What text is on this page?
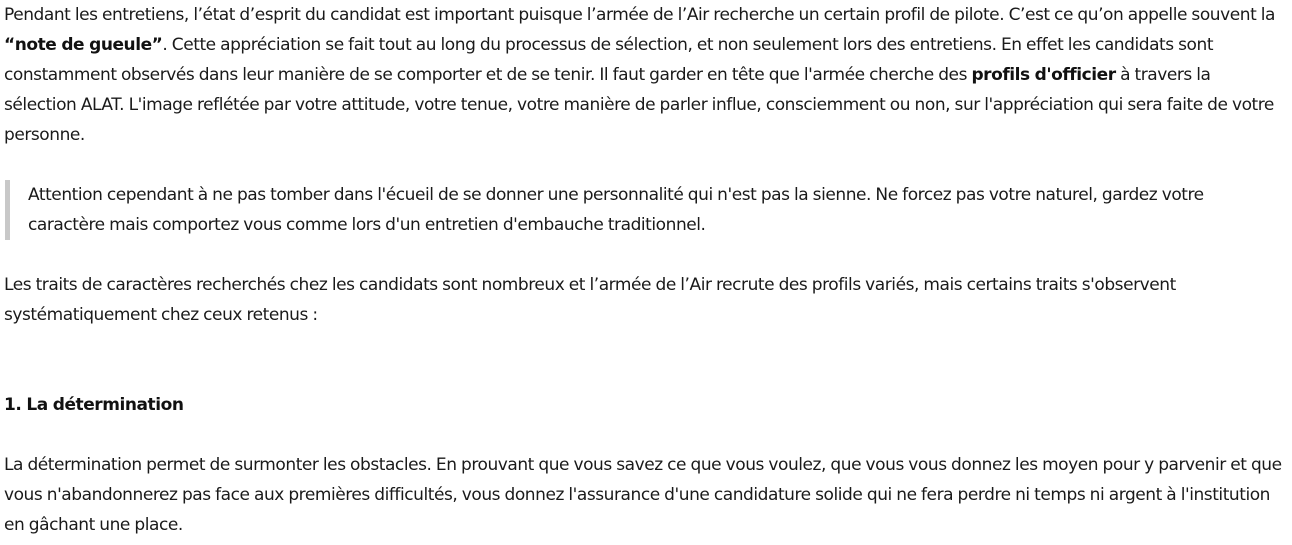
Pendant les entretiens, l’état d’esprit du candidat est important puisque l’armée de l’Air recherche un certain profil de pilote. C’est ce qu’on appelle souvent la “note de gueule”. Cette appréciation se fait tout au long du processus de sélection, et non seulement lors des entretiens. En effet les candidats sont constamment observés dans leur manière de se comporter et de se tenir. Il faut garder en tête que l'armée cherche des profils d'officier à travers la sélection ALAT. L'image reflétée par votre attitude, votre tenue, votre manière de parler influe, consciemment ou non, sur l'appréciation qui sera faite de votre personne.

Attention cependant à ne pas tomber dans l'écueil de se donner une personnalité qui n'est pas la sienne. Ne forcez pas votre naturel, gardez votre caractère mais comportez vous comme lors d'un entretien d'embauche traditionnel.

Les traits de caractères recherchés chez les candidats sont nombreux et l’armée de l’Air recrute des profils variés, mais certains traits s'observent systématiquement chez ceux retenus :

1. La détermination

La détermination permet de surmonter les obstacles. En prouvant que vous savez ce que vous voulez, que vous vous donnez les moyen pour y parvenir et que vous n'abandonnerez pas face aux premières difficultés, vous donnez l'assurance d'une candidature solide qui ne fera perdre ni temps ni argent à l'institution en gâchant une place.
